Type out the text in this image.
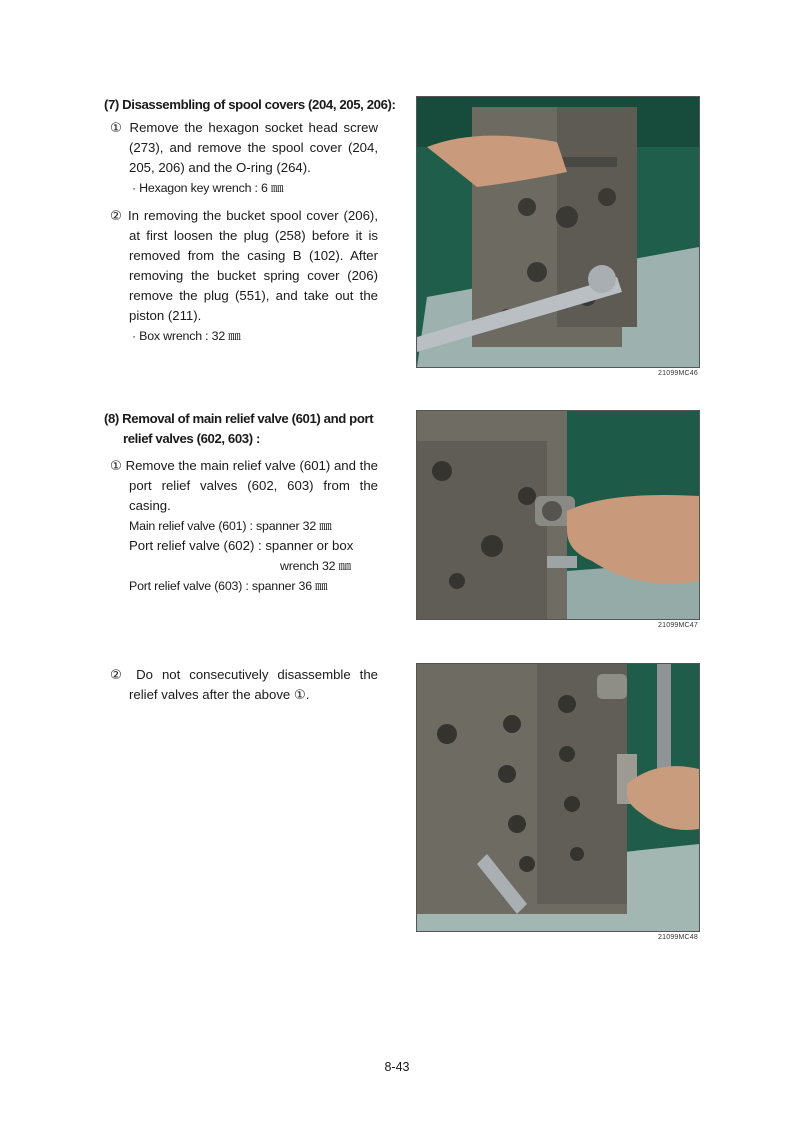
(7) Disassembling of spool covers (204, 205, 206):
① Remove the hexagon socket head screw (273), and remove the spool cover (204, 205, 206) and the O-ring (264).
· Hexagon key wrench : 6 ㎜
② In removing the bucket spool cover (206), at first loosen the plug (258) before it is removed from the casing B (102). After removing the bucket spring cover (206) remove the plug (551), and take out the piston (211).
· Box wrench : 32 ㎜
21099MC46
(8) Removal of main relief valve (601) and port
relief valves (602, 603) :
① Remove the main relief valve (601) and the port relief valves (602, 603) from the casing.
Main relief valve (601) : spanner 32 ㎜
Port relief valve (602) : spanner or box
wrench 32 ㎜
Port relief valve (603) : spanner 36 ㎜
21099MC47
② Do not consecutively disassemble the relief valves after the above ①.
21099MC48
8-43
